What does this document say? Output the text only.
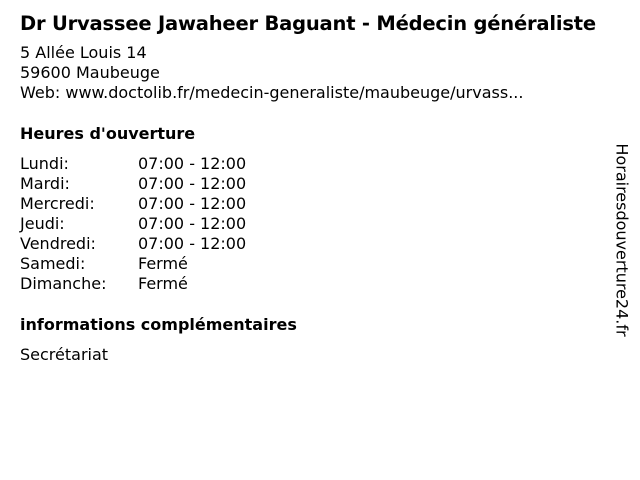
Dr Urvassee Jawaheer Baguant - Médecin généraliste
5 Allée Louis 14
59600 Maubeuge
Web: www.doctolib.fr/medecin-generaliste/maubeuge/urvass...
Heures d'ouverture
Lundi:	07:00 - 12:00
Mardi:	07:00 - 12:00
Mercredi:	07:00 - 12:00
Jeudi:	07:00 - 12:00
Vendredi:	07:00 - 12:00
Samedi:	Fermé
Dimanche:	Fermé
informations complémentaires
Secrétariat
Horairesdouverture24.fr
